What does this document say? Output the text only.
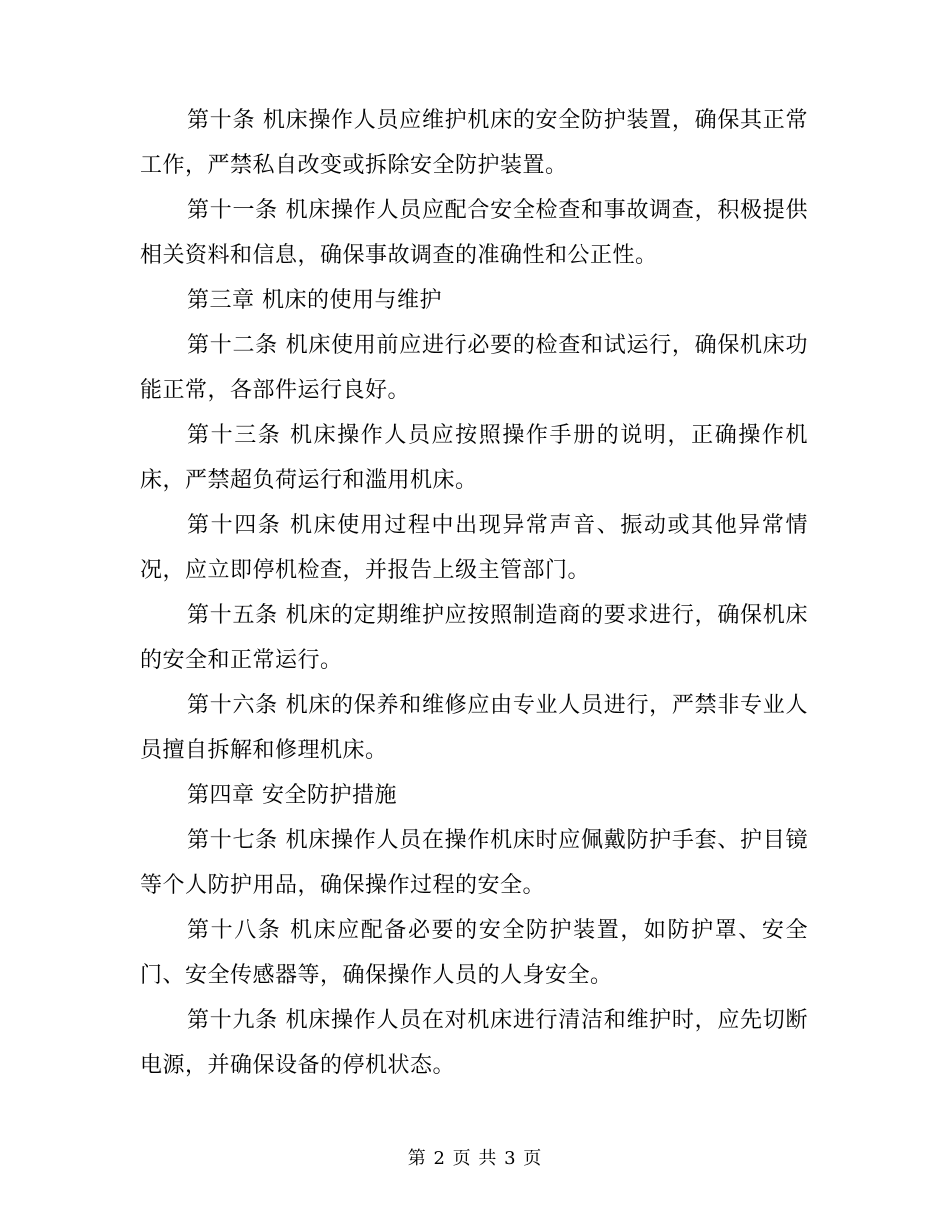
第十条 机床操作人员应维护机床的安全防护装置，确保其正常工作，严禁私自改变或拆除安全防护装置。

第十一条 机床操作人员应配合安全检查和事故调查，积极提供相关资料和信息，确保事故调查的准确性和公正性。

第三章 机床的使用与维护

第十二条 机床使用前应进行必要的检查和试运行，确保机床功能正常，各部件运行良好。

第十三条 机床操作人员应按照操作手册的说明，正确操作机床，严禁超负荷运行和滥用机床。

第十四条 机床使用过程中出现异常声音、振动或其他异常情况，应立即停机检查，并报告上级主管部门。

第十五条 机床的定期维护应按照制造商的要求进行，确保机床的安全和正常运行。

第十六条 机床的保养和维修应由专业人员进行，严禁非专业人员擅自拆解和修理机床。

第四章 安全防护措施

第十七条 机床操作人员在操作机床时应佩戴防护手套、护目镜等个人防护用品，确保操作过程的安全。

第十八条 机床应配备必要的安全防护装置，如防护罩、安全门、安全传感器等，确保操作人员的人身安全。

第十九条 机床操作人员在对机床进行清洁和维护时，应先切断电源，并确保设备的停机状态。

第 2 页 共 3 页
